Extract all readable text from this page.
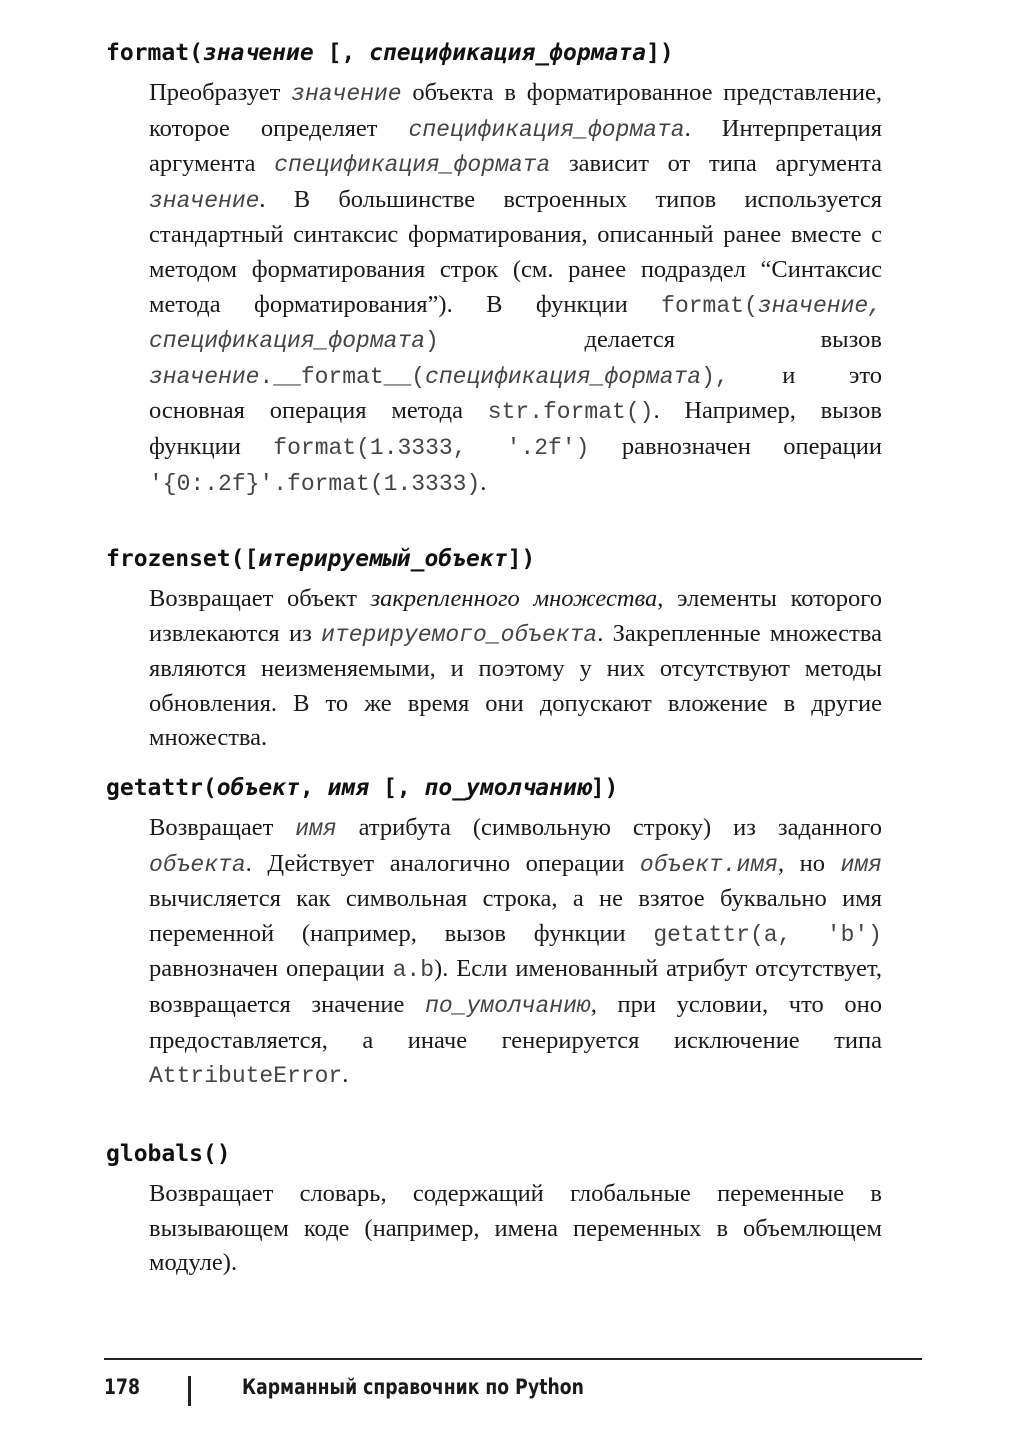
format(значение [, спецификация_формата])
Преобразует значение объекта в форматированное представление, которое определяет спецификация_формата. Интерпретация аргумента спецификация_формата зависит от типа аргумента значение. В большинстве встроенных типов используется стандартный синтаксис форматирования, описанный ранее вместе с методом форматирования строк (см. ранее подраздел “Синтаксис метода форматирования”). В функции format(значение, спецификация_формата) делается вызов значение.__format__(спецификация_формата), и это основная операция метода str.format(). Например, вызов функции format(1.3333, '.2f') равнозначен операции '{0:.2f}'.format(1.3333).
frozenset([итерируемый_объект])
Возвращает объект закрепленного множества, элементы которого извлекаются из итерируемого_объекта. Закрепленные множества являются неизменяемыми, и поэтому у них отсутствуют методы обновления. В то же время они допускают вложение в другие множества.
getattr(объект, имя [, по_умолчанию])
Возвращает имя атрибута (символьную строку) из заданного объекта. Действует аналогично операции объект.имя, но имя вычисляется как символьная строка, а не взятое буквально имя переменной (например, вызов функции getattr(a, 'b') равнозначен операции a.b). Если именованный атрибут отсутствует, возвращается значение по_умолчанию, при условии, что оно предоставляется, а иначе генерируется исключение типа AttributeError.
globals()
Возвращает словарь, содержащий глобальные переменные в вызывающем коде (например, имена переменных в объемлющем модуле).
178	Карманный справочник по Python
